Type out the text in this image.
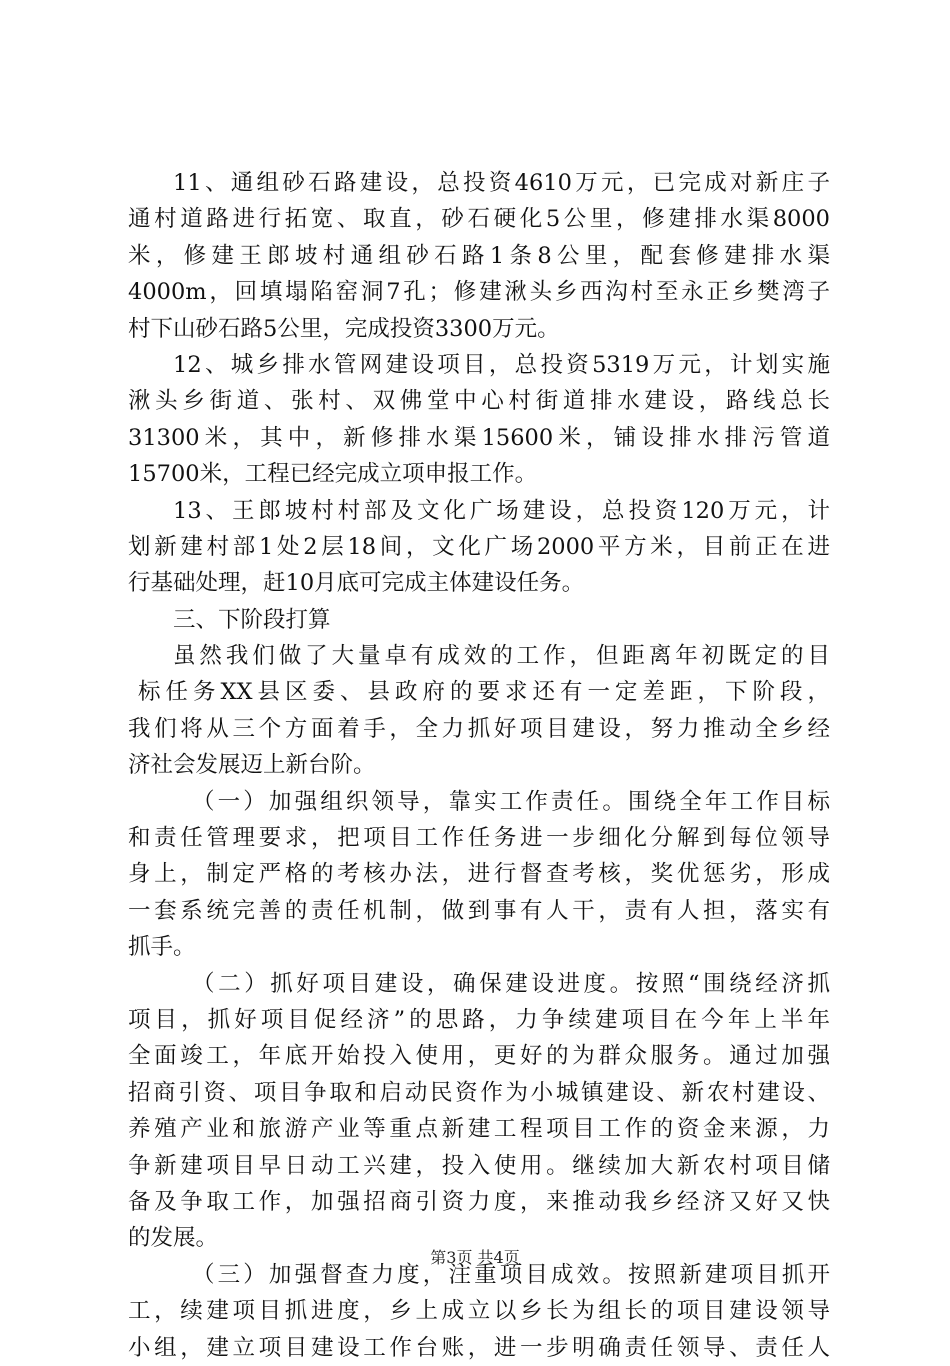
11、通组砂石路建设，总投资4610万元，已完成对新庄子
通村道路进行拓宽、取直，砂石硬化5公里，修建排水渠8000
米，修建王郎坡村通组砂石路1条8公里，配套修建排水渠
4000m，回填塌陷窑洞7孔；修建湫头乡西沟村至永正乡樊湾子
村下山砂石路5公里，完成投资3300万元。
12、城乡排水管网建设项目，总投资5319万元，计划实施
湫头乡街道、张村、双佛堂中心村街道排水建设，路线总长
31300米，其中，新修排水渠15600米，铺设排水排污管道
15700米，工程已经完成立项申报工作。
13、王郎坡村村部及文化广场建设，总投资120万元，计
划新建村部1处2层18间，文化广场2000平方米，目前正在进
行基础处理，赶10月底可完成主体建设任务。
三、下阶段打算
虽然我们做了大量卓有成效的工作，但距离年初既定的目
标任务XX县区委、县政府的要求还有一定差距，下阶段，
我们将从三个方面着手，全力抓好项目建设，努力推动全乡经
济社会发展迈上新台阶。
（一）加强组织领导，靠实工作责任。围绕全年工作目标
和责任管理要求，把项目工作任务进一步细化分解到每位领导
身上，制定严格的考核办法，进行督查考核，奖优惩劣，形成
一套系统完善的责任机制，做到事有人干，责有人担，落实有
抓手。
（二）抓好项目建设，确保建设进度。按照“围绕经济抓
项目，抓好项目促经济”的思路，力争续建项目在今年上半年
全面竣工，年底开始投入使用，更好的为群众服务。通过加强
招商引资、项目争取和启动民资作为小城镇建设、新农村建设、
养殖产业和旅游产业等重点新建工程项目工作的资金来源，力
争新建项目早日动工兴建，投入使用。继续加大新农村项目储
备及争取工作，加强招商引资力度，来推动我乡经济又好又快
的发展。
（三）加强督查力度，注重项目成效。按照新建项目抓开
工，续建项目抓进度，乡上成立以乡长为组长的项目建设领导
小组，建立项目建设工作台账，进一步明确责任领导、责任人
第3页 共4页
